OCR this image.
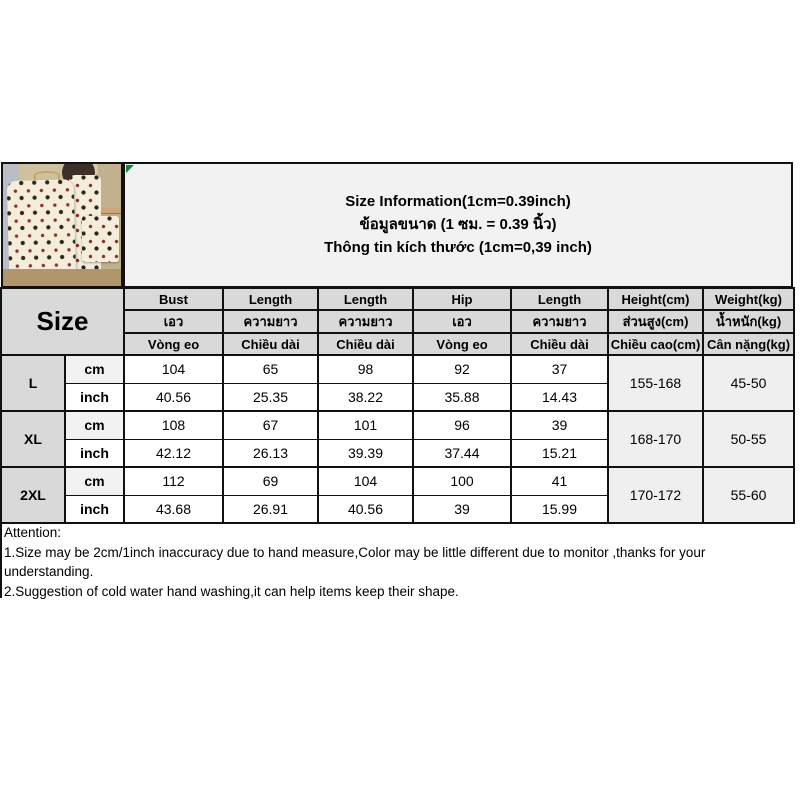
Size Information(1cm=0.39inch)
ข้อมูลขนาด (1 ซม. = 0.39 นิ้ว)
Thông tin kích thước (1cm=0,39 inch)
Size		Bust	Length	Length	Hip	Length	Height(cm)	Weight(kg)
		เอว	ความยาว	ความยาว	เอว	ความยาว	ส่วนสูง(cm)	น้ำหนัก(kg)
		Vòng eo	Chiều dài	Chiều dài	Vòng eo	Chiều dài	Chiều cao(cm)	Cân nặng(kg)
L	cm	104	65	98	92	37	155-168	45-50
	inch	40.56	25.35	38.22	35.88	14.43		
XL	cm	108	67	101	96	39	168-170	50-55
	inch	42.12	26.13	39.39	37.44	15.21		
2XL	cm	112	69	104	100	41	170-172	55-60
	inch	43.68	26.91	40.56	39	15.99		
Attention:
1.Size may be 2cm/1inch inaccuracy due to hand measure,Color may be little different due to monitor ,thanks for your understanding.
2.Suggestion of cold water hand washing,it can help items keep their shape.
